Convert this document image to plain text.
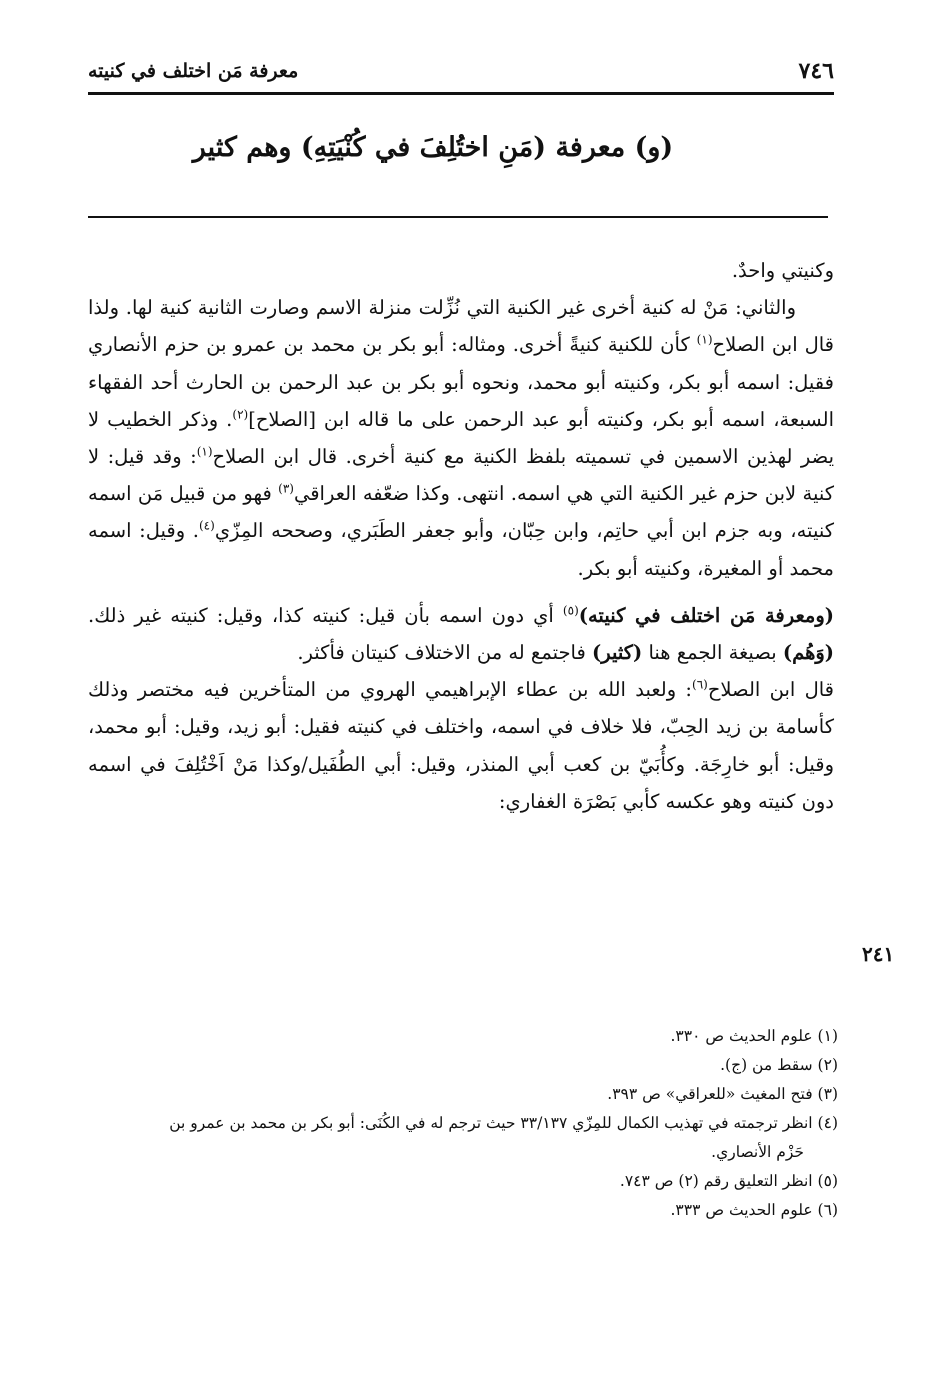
٧٤٦
معرفة مَن اختلف في كنيته
(و) معرفة (مَنِ اختُلِفَ في كُنْيَتِهِ) وهم كثير

وكنيتي واحدٌ.

والثاني: مَنْ له كنية أخرى غير الكنية التي نُزِّلت منزلة الاسم وصارت الثانية كنية لها. ولذا قال ابن الصلاح$^{(١)}$ كأن للكنية كنيةً أخرى. ومثاله: أبو بكر بن محمد بن عمرو بن حزم الأنصاري فقيل: اسمه أبو بكر، وكنيته أبو محمد، ونحوه أبو بكر بن عبد الرحمن بن الحارث أحد الفقهاء السبعة، اسمه أبو بكر، وكنيته أبو عبد الرحمن على ما قاله ابن [الصلاح]$^{(٢)}$. وذكر الخطيب لا يضر لهذين الاسمين في تسميته بلفظ الكنية مع كنية أخرى. قال ابن الصلاح$^{(١)}$: وقد قيل: لا كنية لابن حزم غير الكنية التي هي اسمه. انتهى. وكذا ضعّفه العراقي$^{(٣)}$ فهو من قبيل مَن اسمه كنيته، وبه جزم ابن أبي حاتِم، وابن حِبّان، وأبو جعفر الطَبَري، وصححه المِزّي$^{(٤)}$. وقيل: اسمه محمد أو المغيرة، وكنيته أبو بكر.

(ومعرفة مَن اختلف في كنيته)$^{(٥)}$ أي دون اسمه بأن قيل: كنيته كذا، وقيل: كنيته غير ذلك. (وَهُم) بصيغة الجمع هنا (كثير) فاجتمع له من الاختلاف كنيتان فأكثر.

قال ابن الصلاح$^{(٦)}$: ولعبد الله بن عطاء الإبراهيمي الهروي من المتأخرين فيه مختصر وذلك كأسامة بن زيد الحِبّ، فلا خلاف في اسمه، واختلف في كنيته فقيل: أبو زيد، وقيل: أبو محمد، وقيل: أبو خارِجَة. وكأُبَيّ بن كعب أبي المنذر، وقيل: أبي الطُفَيل/وكذا مَنْ اَخْتُلِفَ في اسمه دون كنيته وهو عكسه كأبي بَصْرَة الغفاري:

٢٤١
(١) علوم الحديث ص ٣٣٠.
(٢) سقط من (ج).
(٣) فتح المغيث «للعراقي» ص ٣٩٣.
(٤) انظر ترجمته في تهذيب الكمال للمِزّي ٣٣/١٣٧ حيث ترجم له في الكُنَى: أبو بكر بن محمد بن عمرو بن
حَزْم الأنصاري.
(٥) انظر التعليق رقم (٢) ص ٧٤٣.
(٦) علوم الحديث ص ٣٣٣.
